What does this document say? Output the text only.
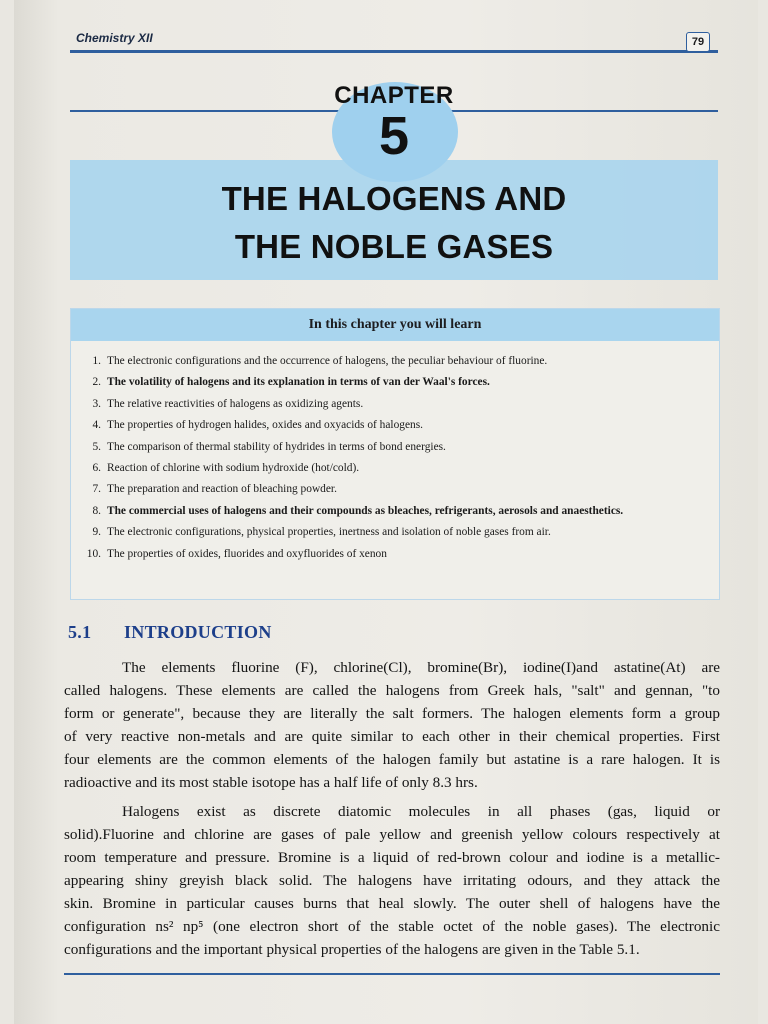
Chemistry XII	79
CHAPTER
5
THE HALOGENS AND
THE NOBLE GASES
In this chapter you will learn
1. The electronic configurations and the occurrence of halogens, the peculiar behaviour of fluorine.
2. The volatility of halogens and its explanation in terms of van der Waal's forces.
3. The relative reactivities of halogens as oxidizing agents.
4. The properties of hydrogen halides, oxides and oxyacids of halogens.
5. The comparison of thermal stability of hydrides in terms of bond energies.
6. Reaction of chlorine with sodium hydroxide (hot/cold).
7. The preparation and reaction of bleaching powder.
8. The commercial uses of halogens and their compounds as bleaches, refrigerants, aerosols and anaesthetics.
9. The electronic configurations, physical properties, inertness and isolation of noble gases from air.
10. The properties of oxides, fluorides and oxyfluorides of xenon
5.1 INTRODUCTION
The elements fluorine (F), chlorine(Cl), bromine(Br), iodine(I)and astatine(At) are
called halogens. These elements are called the halogens from Greek hals, "salt" and gennan, "to
form or generate", because they are literally the salt formers. The halogen elements form a group
of very reactive non-metals and are quite similar to each other in their chemical properties. First
four elements are the common elements of the halogen family but astatine is a rare halogen. It is
radioactive and its most stable isotope has a half life of only 8.3 hrs.
Halogens exist as discrete diatomic molecules in all phases (gas, liquid or
solid).Fluorine and chlorine are gases of pale yellow and greenish yellow colours respectively at
room temperature and pressure. Bromine is a liquid of red-brown colour and iodine is a metallic-
appearing shiny greyish black solid. The halogens have irritating odours, and they attack the
skin. Bromine in particular causes burns that heal slowly. The outer shell of halogens have the
configuration ns² np⁵ (one electron short of the stable octet of the noble gases). The electronic
configurations and the important physical properties of the halogens are given in the Table 5.1.
